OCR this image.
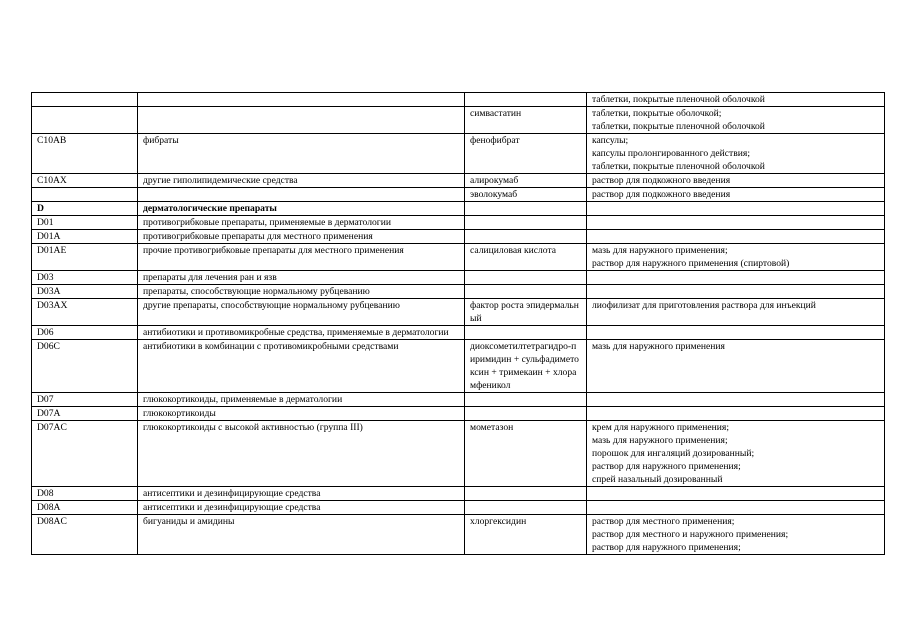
			таблетки, покрытые пленочной оболочкой

		симвастатин	таблетки, покрытые оболочкой;
таблетки, покрытые пленочной оболочкой

C10AB	фибраты	фенофибрат	капсулы;
капсулы пролонгированного действия;
таблетки, покрытые пленочной оболочкой

C10AX	другие гиполипидемические средства	алирокумаб	раствор для подкожного введения

		эволокумаб	раствор для подкожного введения

D	дерматологические препараты		
D01	противогрибковые препараты, применяемые в дерматологии		
D01A	противогрибковые препараты для местного применения		
D01AE	прочие противогрибковые препараты для местного применения	салициловая кислота	мазь для наружного применения;
раствор для наружного применения (спиртовой)

D03	препараты для лечения ран и язв		
D03A	препараты, способствующие нормальному рубцеванию		
D03AX	другие препараты, способствующие нормальному рубцеванию	фактор роста эпидермальный	лиофилизат для приготовления раствора для инъекций

D06	антибиотики и противомикробные средства, применяемые в дерматологии		
D06C	антибиотики в комбинации с противомикробными средствами	диоксометилтетрагидро-пиримидин + сульфадиметоксин + тримекаин + хлорамфеникол	мазь для наружного применения

D07	глюкокортикоиды, применяемые в дерматологии		
D07A	глюкокортикоиды		
D07AC	глюкокортикоиды с высокой активностью (группа III)	мометазон	крем для наружного применения;
мазь для наружного применения;
порошок для ингаляций дозированный;
раствор для наружного применения;
спрей назальный дозированный

D08	антисептики и дезинфицирующие средства		
D08A	антисептики и дезинфицирующие средства		
D08AC	бигуаниды и амидины	хлоргексидин	раствор для местного применения;
раствор для местного и наружного применения;
раствор для наружного применения;
